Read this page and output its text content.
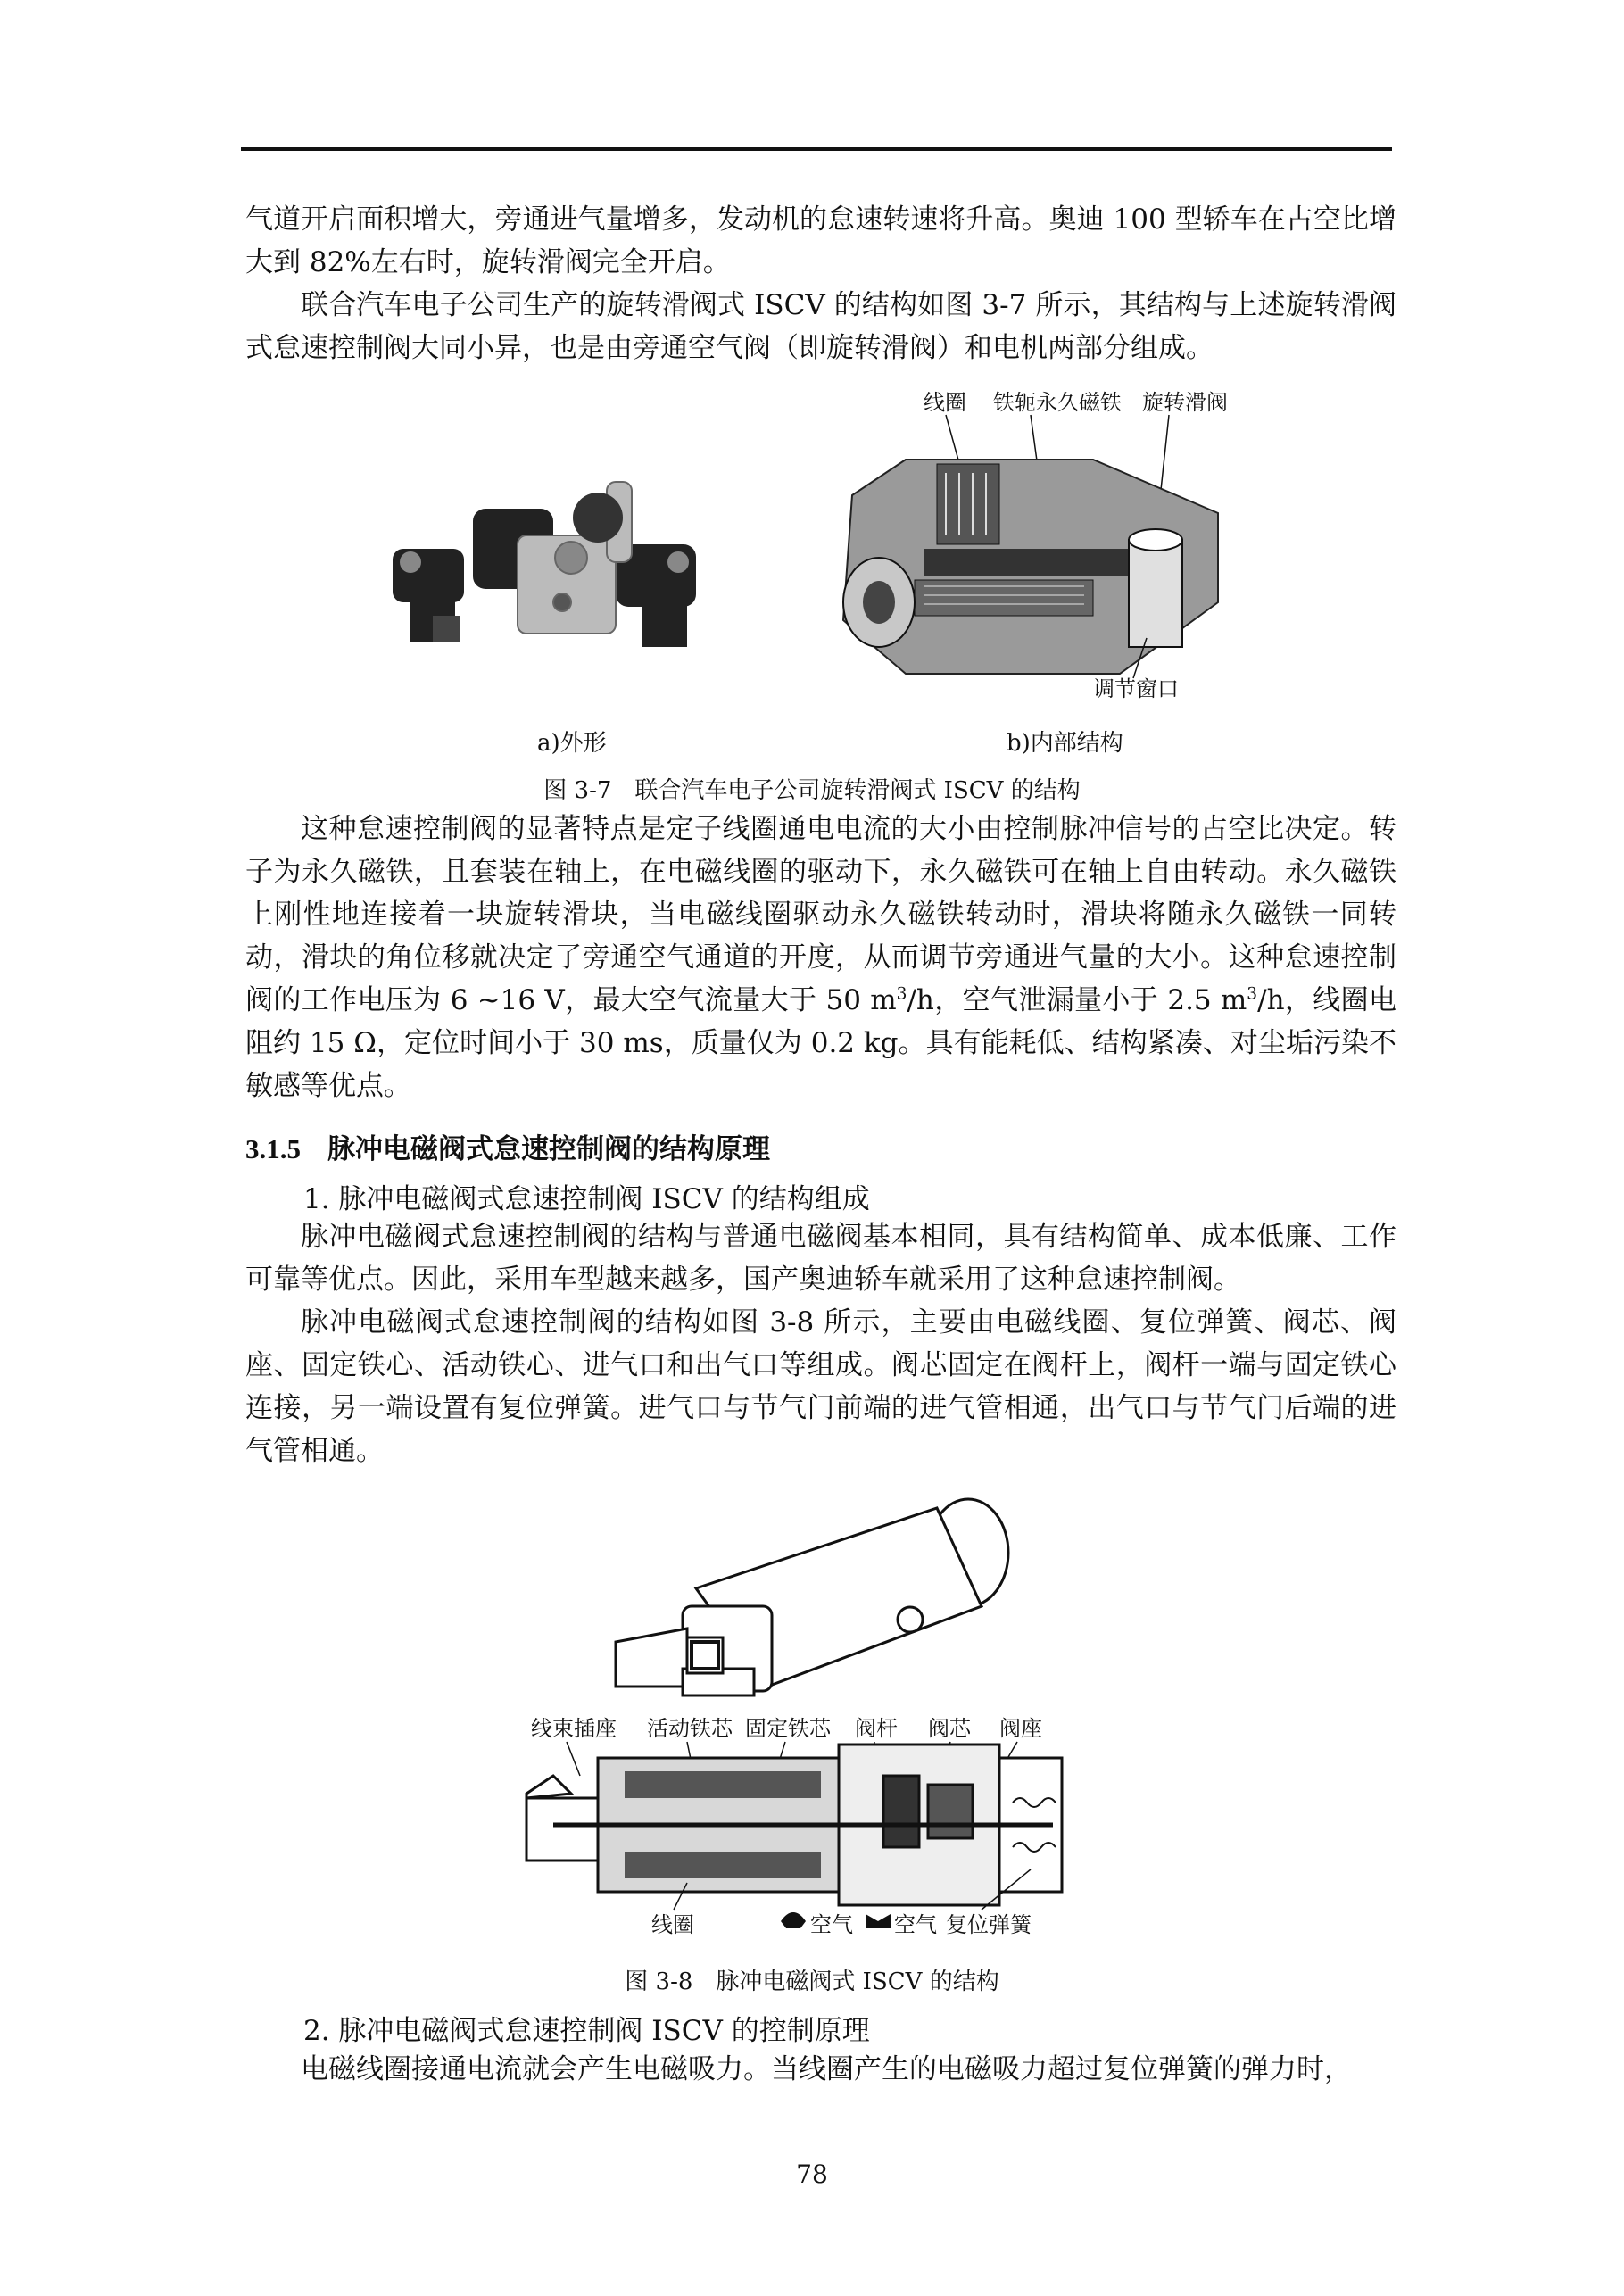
气道开启面积增大，旁通进气量增多，发动机的怠速转速将升高。奥迪 100 型轿车在占空比增大到 82%左右时，旋转滑阀完全开启。

联合汽车电子公司生产的旋转滑阀式 ISCV 的结构如图 3-7 所示，其结构与上述旋转滑阀式怠速控制阀大同小异，也是由旁通空气阀（即旋转滑阀）和电机两部分组成。

线圈 铁轭永久磁铁 旋转滑阀
调节窗口
a)外形	b)内部结构
图 3-7　联合汽车电子公司旋转滑阀式 ISCV 的结构

这种怠速控制阀的显著特点是定子线圈通电电流的大小由控制脉冲信号的占空比决定。转子为永久磁铁，且套装在轴上，在电磁线圈的驱动下，永久磁铁可在轴上自由转动。永久磁铁上刚性地连接着一块旋转滑块，当电磁线圈驱动永久磁铁转动时，滑块将随永久磁铁一同转动，滑块的角位移就决定了旁通空气通道的开度，从而调节旁通进气量的大小。这种怠速控制阀的工作电压为 6 ~16 V，最大空气流量大于 50 $m^3/h$，空气泄漏量小于 2.5 $m^3/h$，线圈电阻约 15 Ω，定位时间小于 30 ms，质量仅为 0.2 kg。具有能耗低、结构紧凑、对尘垢污染不敏感等优点。

3.1.5 脉冲电磁阀式怠速控制阀的结构原理
1. 脉冲电磁阀式怠速控制阀 ISCV 的结构组成

脉冲电磁阀式怠速控制阀的结构与普通电磁阀基本相同，具有结构简单、成本低廉、工作可靠等优点。因此，采用车型越来越多，国产奥迪轿车就采用了这种怠速控制阀。

脉冲电磁阀式怠速控制阀的结构如图 3-8 所示，主要由电磁线圈、复位弹簧、阀芯、阀座、固定铁心、活动铁心、进气口和出气口等组成。阀芯固定在阀杆上，阀杆一端与固定铁心连接，另一端设置有复位弹簧。进气口与节气门前端的进气管相通，出气口与节气门后端的进气管相通。

线束插座 活动铁芯 固定铁芯 阀杆 阀芯 阀座
线圈	空气 空气 复位弹簧
图 3-8　脉冲电磁阀式 ISCV 的结构
2. 脉冲电磁阀式怠速控制阀 ISCV 的控制原理

电磁线圈接通电流就会产生电磁吸力。当线圈产生的电磁吸力超过复位弹簧的弹力时，

78
